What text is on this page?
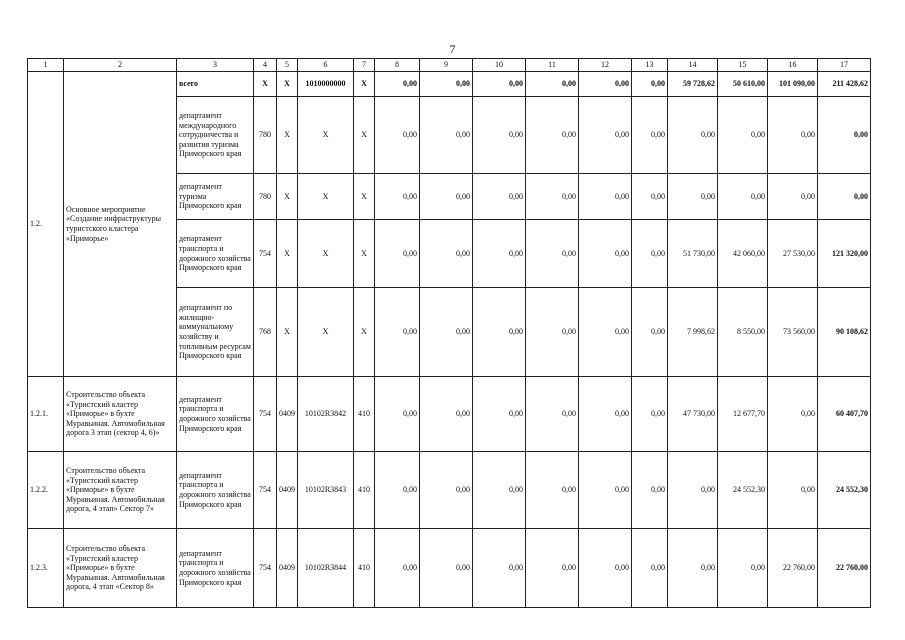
7
1	2	3	4	5	6	7	8	9	10	11	12	13	14	15	16	17
1.2.	Основное мероприятие «Создание инфраструктуры туристского кластера «Приморье»	всего	X	X	1010000000	X	0,00	0,00	0,00	0,00	0,00	0,00	59 728,62	50 610,00	101 090,00	211 428,62
		департамент международного сотрудничества и развития туризма Приморского края	780	X	X	X	0,00	0,00	0,00	0,00	0,00	0,00	0,00	0,00	0,00	0,00
		департамент туризма Приморского края	780	X	X	X	0,00	0,00	0,00	0,00	0,00	0,00	0,00	0,00	0,00	0,00
		департамент транспорта и дорожного хозяйства Приморского края	754	X	X	X	0,00	0,00	0,00	0,00	0,00	0,00	51 730,00	42 060,00	27 530,00	121 320,00
		департамент по жилищно-коммунальному хозяйству и топливным ресурсам Приморского края	768	X	X	X	0,00	0,00	0,00	0,00	0,00	0,00	7 998,62	8 550,00	73 560,00	90 108,62
1.2.1.	Строительство объекта «Туристский кластер «Приморье» в бухте Муравьиная. Автомобильная дорога 3 этап (сектор 4, 6)»	департамент транспорта и дорожного хозяйства Приморского края	754	0409	10102R3842	410	0,00	0,00	0,00	0,00	0,00	0,00	47 730,00	12 677,70	0,00	60 407,70
1.2.2.	Строительство объекта «Туристский кластер «Приморье» в бухте Муравьиная. Автомобильная дорога, 4 этап» Сектор 7»	департамент транспорта и дорожного хозяйства Приморского края	754	0409	10102R3843	410	0,00	0,00	0,00	0,00	0,00	0,00	0,00	24 552,30	0,00	24 552,30
1.2.3.	Строительство объекта «Туристский кластер «Приморье» в бухте Муравьиная. Автомобильная дорога, 4 этап «Сектор 8»	департамент транспорта и дорожного хозяйства Приморского края	754	0409	10102R3844	410	0,00	0,00	0,00	0,00	0,00	0,00	0,00	0,00	22 760,00	22 760,00
